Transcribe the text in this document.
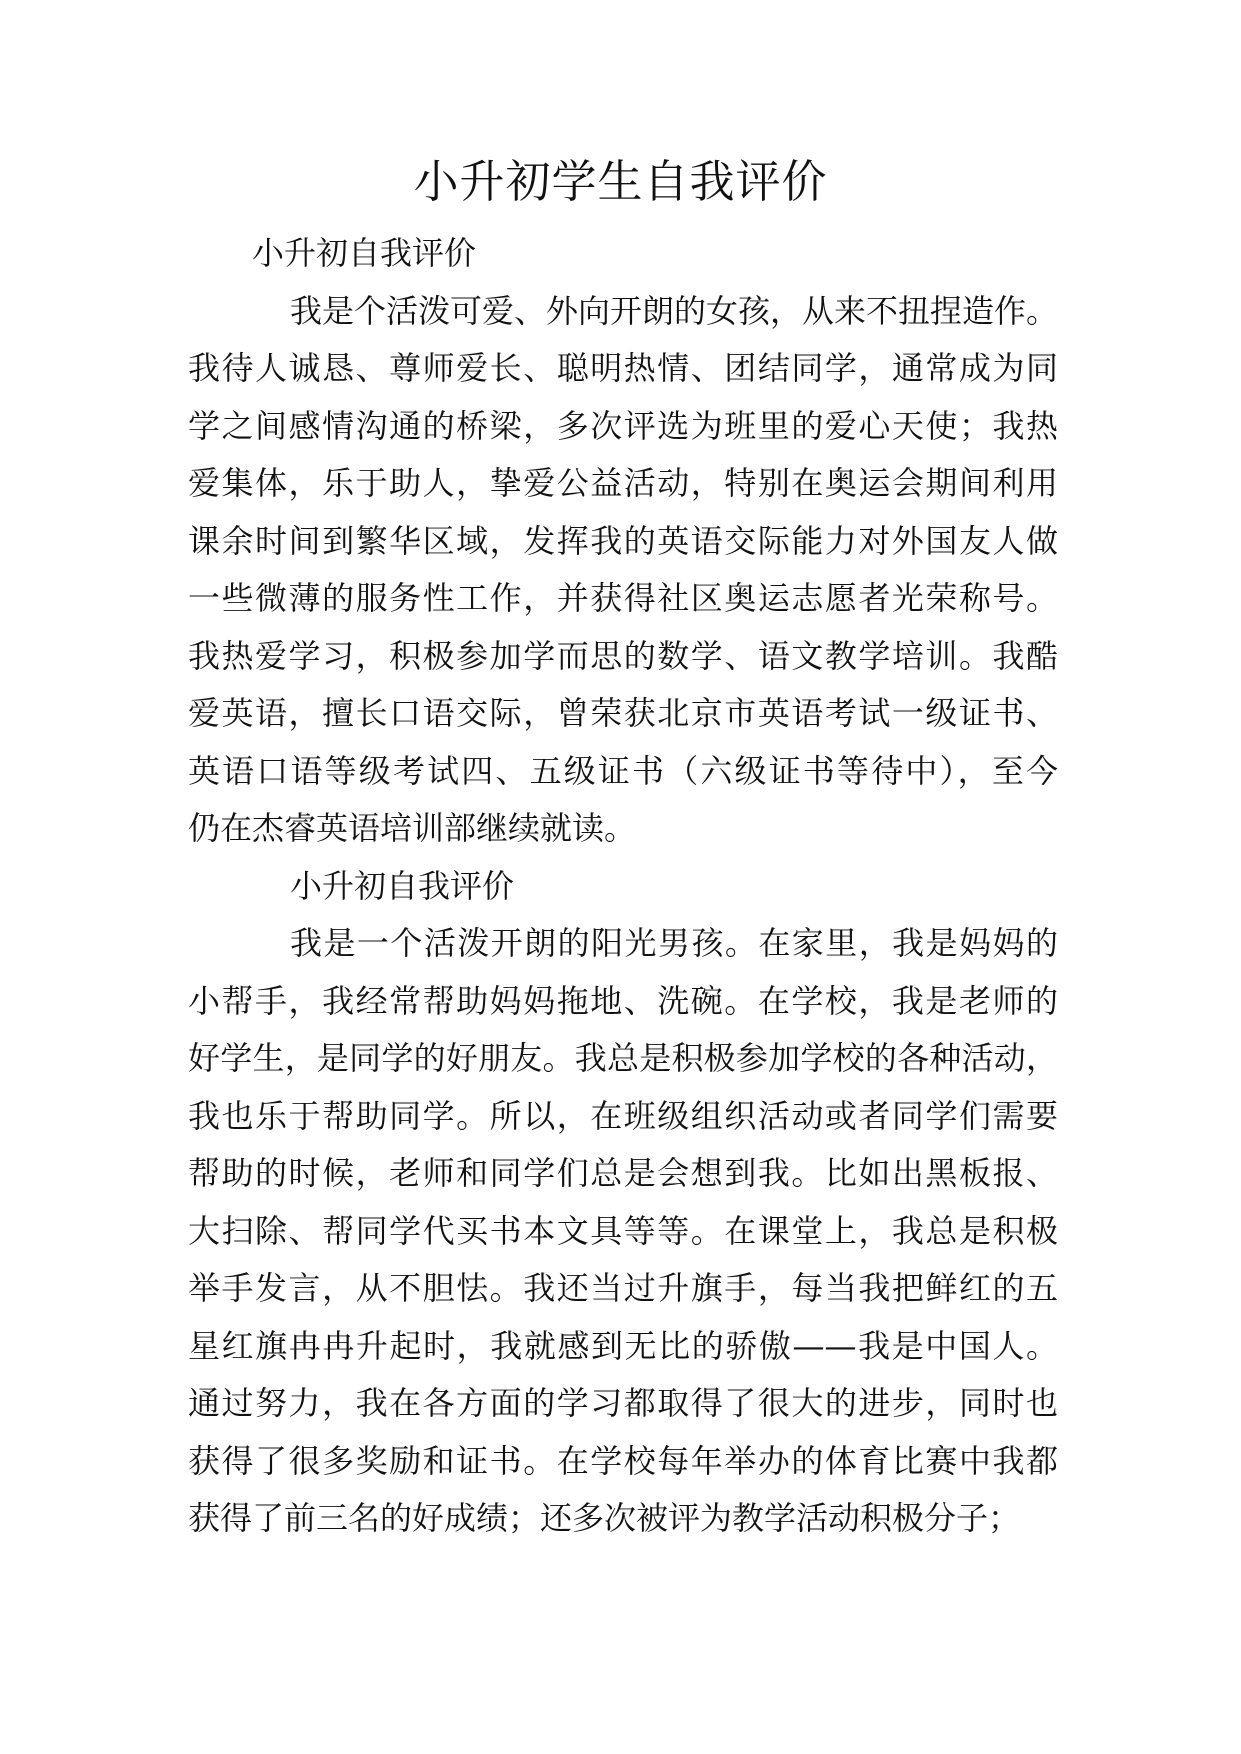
小升初学生自我评价
小升初自我评价
我是个活泼可爱、外向开朗的女孩，从来不扭捏造作。
我待人诚恳、尊师爱长、聪明热情、团结同学，通常成为同
学之间感情沟通的桥梁，多次评选为班里的爱心天使；我热
爱集体，乐于助人，挚爱公益活动，特别在奥运会期间利用
课余时间到繁华区域，发挥我的英语交际能力对外国友人做
一些微薄的服务性工作，并获得社区奥运志愿者光荣称号。
我热爱学习，积极参加学而思的数学、语文教学培训。我酷
爱英语，擅长口语交际，曾荣获北京市英语考试一级证书、
英语口语等级考试四、五级证书（六级证书等待中），至今
仍在杰睿英语培训部继续就读。
小升初自我评价
我是一个活泼开朗的阳光男孩。在家里，我是妈妈的
小帮手，我经常帮助妈妈拖地、洗碗。在学校，我是老师的
好学生，是同学的好朋友。我总是积极参加学校的各种活动，
我也乐于帮助同学。所以，在班级组织活动或者同学们需要
帮助的时候，老师和同学们总是会想到我。比如出黑板报、
大扫除、帮同学代买书本文具等等。在课堂上，我总是积极
举手发言，从不胆怯。我还当过升旗手，每当我把鲜红的五
星红旗冉冉升起时，我就感到无比的骄傲——我是中国人。
通过努力，我在各方面的学习都取得了很大的进步，同时也
获得了很多奖励和证书。在学校每年举办的体育比赛中我都
获得了前三名的好成绩；还多次被评为教学活动积极分子；
